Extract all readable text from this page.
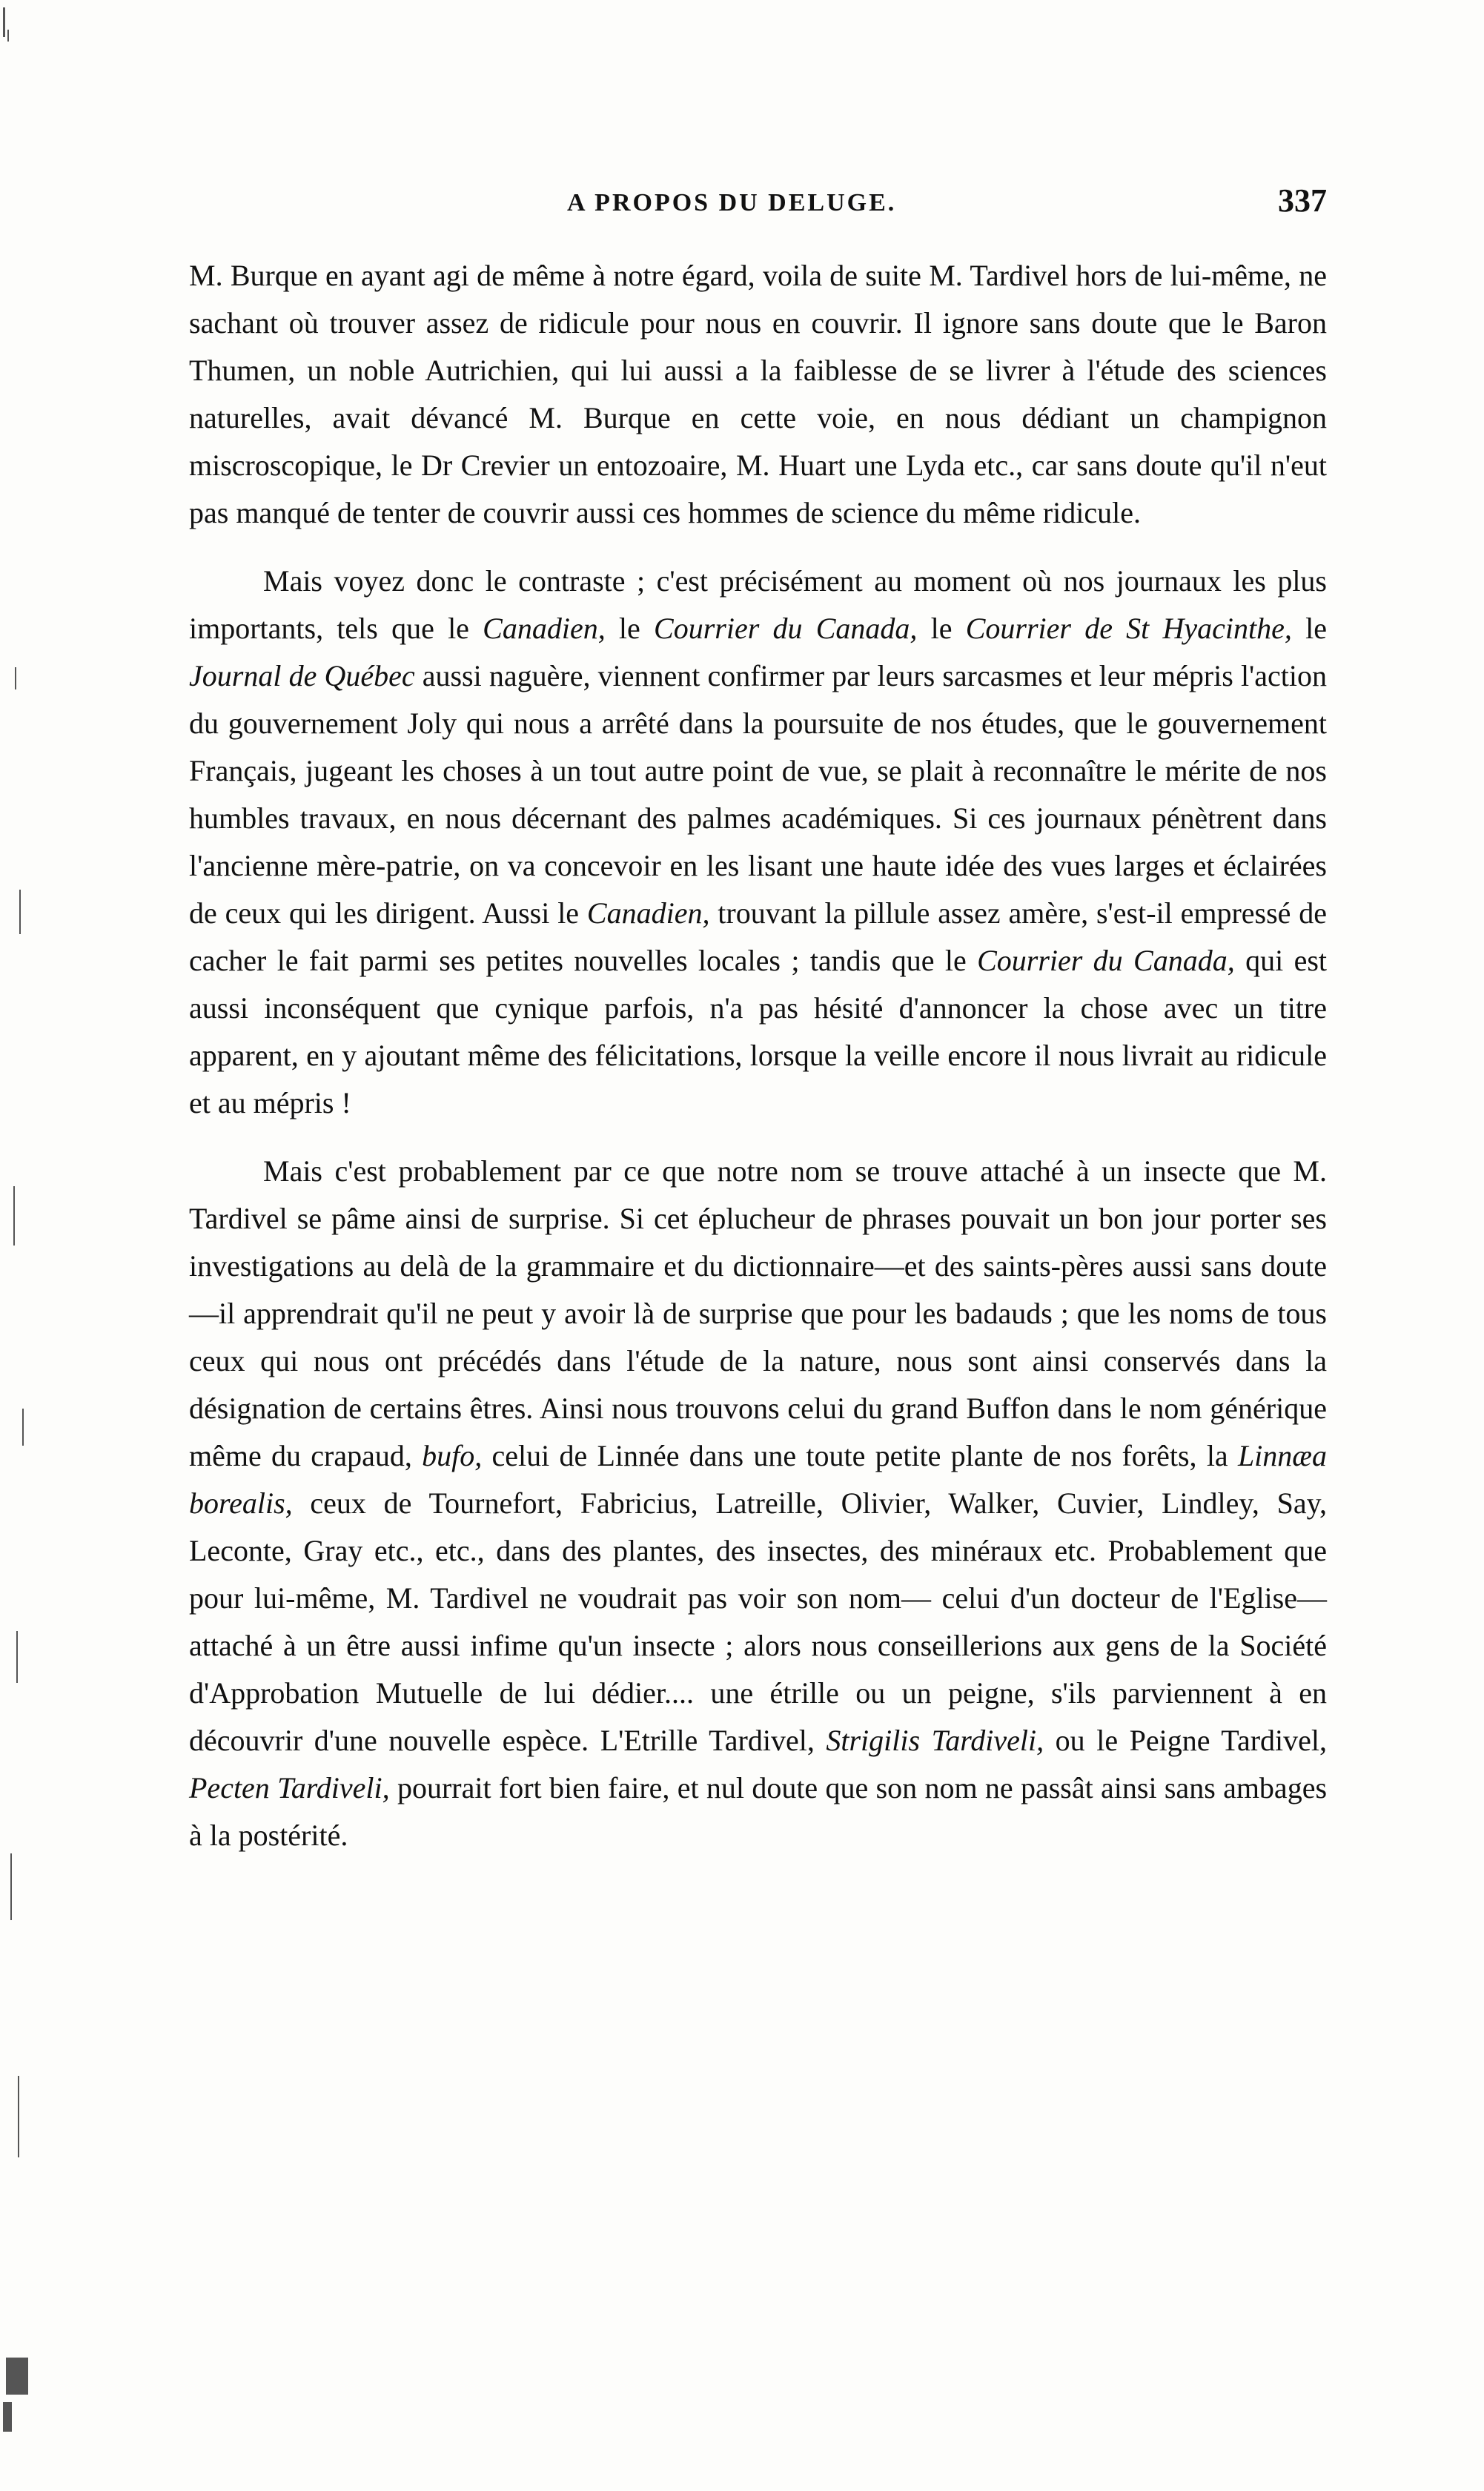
A PROPOS DU DELUGE.	337

M. Burque en ayant agi de même à notre égard, voila de suite M. Tardivel hors de lui-même, ne sachant où trouver assez de ridicule pour nous en couvrir. Il ignore sans doute que le Baron Thumen, un noble Autrichien, qui lui aussi a la faiblesse de se livrer à l'étude des sciences naturelles, avait dévancé M. Burque en cette voie, en nous dédiant un champignon miscroscopique, le Dr Crevier un entozoaire, M. Huart une Lyda etc., car sans doute qu'il n'eut pas manqué de tenter de couvrir aussi ces hommes de science du même ridicule.

Mais voyez donc le contraste ; c'est précisément au moment où nos journaux les plus importants, tels que le Canadien, le Courrier du Canada, le Courrier de St Hyacinthe, le Journal de Québec aussi naguère, viennent confirmer par leurs sarcasmes et leur mépris l'action du gouvernement Joly qui nous a arrêté dans la poursuite de nos études, que le gouvernement Français, jugeant les choses à un tout autre point de vue, se plait à reconnaître le mérite de nos humbles travaux, en nous décernant des palmes académiques. Si ces journaux pénètrent dans l'ancienne mère-patrie, on va concevoir en les lisant une haute idée des vues larges et éclairées de ceux qui les dirigent. Aussi le Canadien, trouvant la pillule assez amère, s'est-il empressé de cacher le fait parmi ses petites nouvelles locales ; tandis que le Courrier du Canada, qui est aussi inconséquent que cynique parfois, n'a pas hésité d'annoncer la chose avec un titre apparent, en y ajoutant même des félicitations, lorsque la veille encore il nous livrait au ridicule et au mépris !

Mais c'est probablement par ce que notre nom se trouve attaché à un insecte que M. Tardivel se pâme ainsi de surprise. Si cet éplucheur de phrases pouvait un bon jour porter ses investigations au delà de la grammaire et du dictionnaire—et des saints-pères aussi sans doute—il apprendrait qu'il ne peut y avoir là de surprise que pour les badauds ; que les noms de tous ceux qui nous ont précédés dans l'étude de la nature, nous sont ainsi conservés dans la désignation de certains êtres. Ainsi nous trouvons celui du grand Buffon dans le nom générique même du crapaud, bufo, celui de Linnée dans une toute petite plante de nos forêts, la Linnæa borealis, ceux de Tournefort, Fabricius, Latreille, Olivier, Walker, Cuvier, Lindley, Say, Leconte, Gray etc., etc., dans des plantes, des insectes, des minéraux etc. Probablement que pour lui-même, M. Tardivel ne voudrait pas voir son nom— celui d'un docteur de l'Eglise—attaché à un être aussi infime qu'un insecte ; alors nous conseillerions aux gens de la Société d'Approbation Mutuelle de lui dédier.... une étrille ou un peigne, s'ils parviennent à en découvrir d'une nouvelle espèce. L'Etrille Tardivel, Strigilis Tardiveli, ou le Peigne Tardivel, Pecten Tardiveli, pourrait fort bien faire, et nul doute que son nom ne passât ainsi sans ambages à la postérité.
